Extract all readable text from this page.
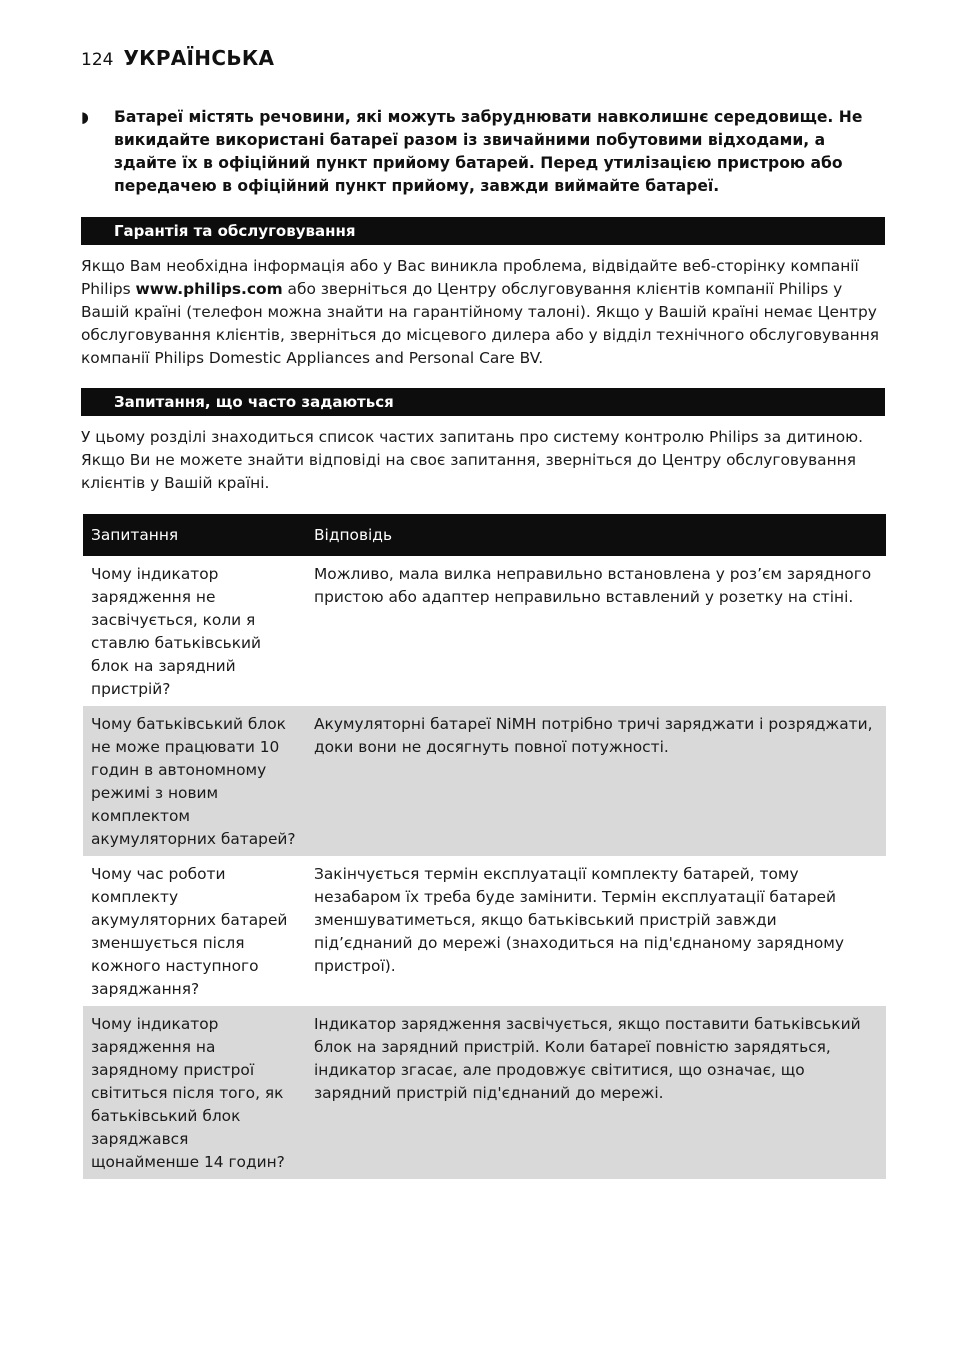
124 УКРАЇНСЬКА
◗	Батареї містять речовини, які можуть забруднювати навколишнє середовище. Не викидайте використані батареї разом із звичайними побутовими відходами, а здайте їх в офіційний пункт прийому батарей. Перед утилізацією пристрою або передачею в офіційний пункт прийому, завжди виймайте батареї.
Гарантія та обслуговування
Якщо Вам необхідна інформація або у Вас виникла проблема, відвідайте веб-сторінку компанії Philips www.philips.com або зверніться до Центру обслуговування клієнтів компанії Philips у Вашій країні (телефон можна знайти на гарантійному талоні). Якщо у Вашій країні немає Центру обслуговування клієнтів, зверніться до місцевого дилера або у відділ технічного обслуговування компанії Philips Domestic Appliances and Personal Care BV.
Запитання, що часто задаються
У цьому розділі знаходиться список частих запитань про систему контролю Philips за дитиною. Якщо Ви не можете знайти відповіді на своє запитання, зверніться до Центру обслуговування клієнтів у Вашій країні.
Запитання	Відповідь
Чому індикатор зарядження не засвічується, коли я ставлю батьківський блок на зарядний пристрій?	Можливо, мала вилка неправильно встановлена у роз’єм зарядного пристою або адаптер неправильно вставлений у розетку на стіні.
Чому батьківський блок не може працювати 10 годин в автономному режимі з новим комплектом акумуляторних батарей?	Акумуляторні батареї NiMH потрібно тричі заряджати і розряджати, доки вони не досягнуть повної потужності.
Чому час роботи комплекту акумуляторних батарей зменшується після кожного наступного заряджання?	Закінчується термін експлуатації комплекту батарей, тому незабаром їх треба буде замінити. Термін експлуатації батарей зменшуватиметься, якщо батьківський пристрій завжди під’єднаний до мережі (знаходиться на під'єднаному зарядному пристрої).
Чому індикатор зарядження на зарядному пристрої світиться після того, як батьківський блок заряджався щонайменше 14 годин?	Індикатор зарядження засвічується, якщо поставити батьківський блок на зарядний пристрій. Коли батареї повністю зарядяться, індикатор згасає, але продовжує світитися, що означає, що зарядний пристрій під'єднаний до мережі.
